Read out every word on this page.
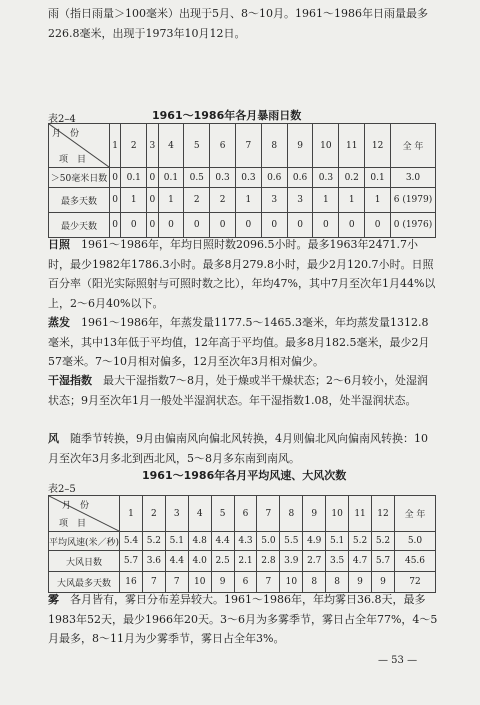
雨（指日雨量＞100毫米）出现于5月、8～10月。1961～1986年日雨量最多226.8毫米，出现于1973年10月12日。
1961～1986年各月暴雨日数
表2–4
月　份
项　目	1	2	3	4	5	6	7	8	9	10	11	12	全 年
＞50毫米日数	0	0.1	0	0.1	0.5	0.3	0.3	0.6	0.6	0.3	0.2	0.1	3.0
最多天数	0	1	0	1	2	2	1	3	3	1	1	1	6 (1979)
最少天数	0	0	0	0	0	0	0	0	0	0	0	0	0 (1976)
日照　 1961～1986年，年均日照时数2096.5小时。最多1963年2471.7小时，最少1982年1786.3小时。最多8月279.8小时，最少2月120.7小时。日照百分率（阳光实际照射与可照时数之比），年均47%，其中7月至次年1月44%以上，2～6月40%以下。
蒸发　 1961～1986年，年蒸发量1177.5～1465.3毫米，年均蒸发量1312.8毫米，其中13年低于平均值，12年高于平均值。最多8月182.5毫米，最少2月57毫米。7～10月相对偏多，12月至次年3月相对偏少。
干湿指数　 最大干湿指数7～8月，处于燥或半干燥状态；2～6月较小，处湿润状态；9月至次年1月一般处半湿润状态。年干湿指数1.08，处半湿润状态。
风　 随季节转换，9月由偏南风向偏北风转换，4月则偏北风向偏南风转换：10月至次年3月多北到西北风，5～8月多东南到南风。
1961～1986年各月平均风速、大风次数
表2–5
月　份
项　目	1	2	3	4	5	6	7	8	9	10	11	12	全 年
平均风速(米／秒)	5.4	5.2	5.1	4.8	4.4	4.3	5.0	5.5	4.9	5.1	5.2	5.2	5.0
大风日数	5.7	3.6	4.4	4.0	2.5	2.1	2.8	3.9	2.7	3.5	4.7	5.7	45.6
大风最多天数	16	7	7	10	9	6	7	10	8	8	9	9	72
雾　 各月皆有，雾日分布差异较大。1961～1986年，年均雾日36.8天，最多1983年52天，最少1966年20天。3～6月为多雾季节，雾日占全年77%，4～5月最多，8～11月为少雾季节，雾日占全年3%。
— 53 —
